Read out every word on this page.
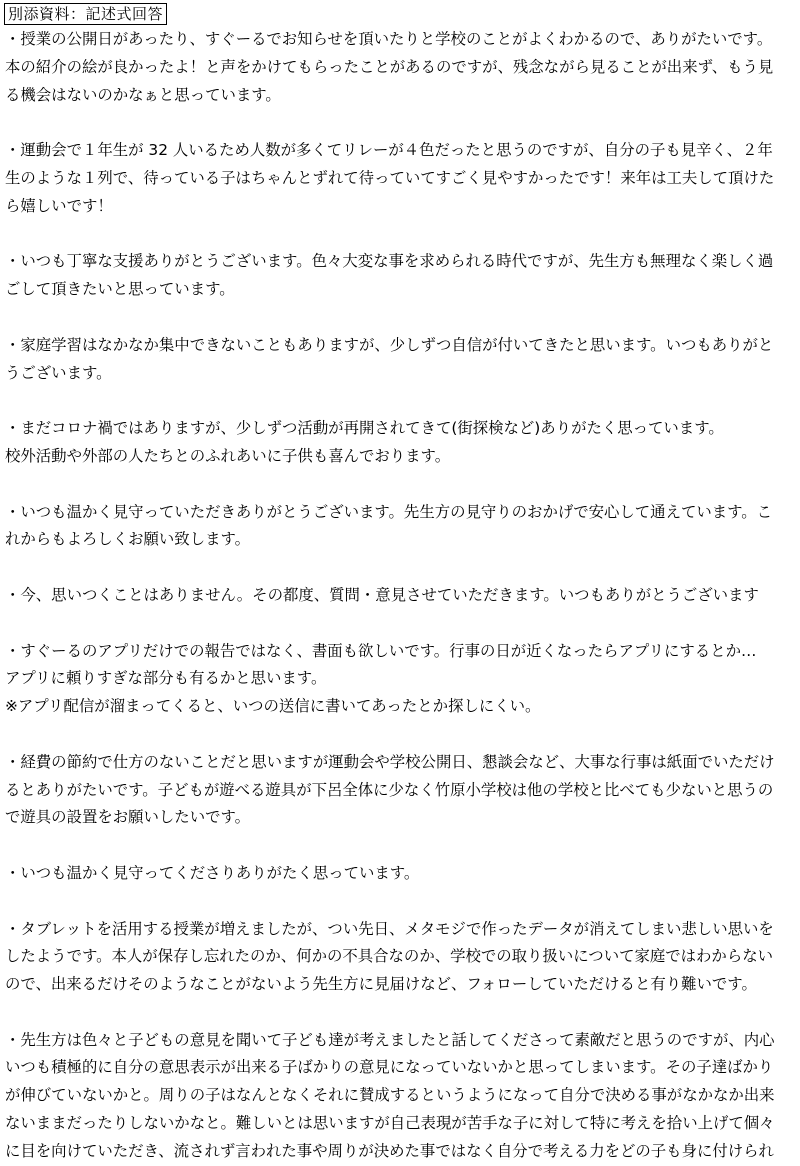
別添資料：記述式回答
・授業の公開日があったり、すぐーるでお知らせを頂いたりと学校のことがよくわかるので、ありがたいです。
本の紹介の絵が良かったよ！と声をかけてもらったことがあるのですが、残念ながら見ることが出来ず、もう見
る機会はないのかなぁと思っています。
・運動会で１年生が 32 人いるため人数が多くてリレーが４色だったと思うのですが、自分の子も見辛く、２年
生のような１列で、待っている子はちゃんとずれて待っていてすごく見やすかったです！来年は工夫して頂けた
ら嬉しいです！
・いつも丁寧な支援ありがとうございます。色々大変な事を求められる時代ですが、先生方も無理なく楽しく過
ごして頂きたいと思っています。
・家庭学習はなかなか集中できないこともありますが、少しずつ自信が付いてきたと思います。いつもありがと
うございます。
・まだコロナ禍ではありますが、少しずつ活動が再開されてきて(街探検など)ありがたく思っています。
校外活動や外部の人たちとのふれあいに子供も喜んでおります。
・いつも温かく見守っていただきありがとうございます。先生方の見守りのおかげで安心して通えています。こ
れからもよろしくお願い致します。
・今、思いつくことはありません。その都度、質問・意見させていただきます。いつもありがとうございます
・すぐーるのアプリだけでの報告ではなく、書面も欲しいです。行事の日が近くなったらアプリにするとか…
アプリに頼りすぎな部分も有るかと思います。
※アプリ配信が溜まってくると、いつの送信に書いてあったとか探しにくい。
・経費の節約で仕方のないことだと思いますが運動会や学校公開日、懇談会など、大事な行事は紙面でいただけ
るとありがたいです。子どもが遊べる遊具が下呂全体に少なく竹原小学校は他の学校と比べても少ないと思うの
で遊具の設置をお願いしたいです。
・いつも温かく見守ってくださりありがたく思っています。
・タブレットを活用する授業が増えましたが、つい先日、メタモジで作ったデータが消えてしまい悲しい思いを
したようです。本人が保存し忘れたのか、何かの不具合なのか、学校での取り扱いについて家庭ではわからない
ので、出来るだけそのようなことがないよう先生方に見届けなど、フォローしていただけると有り難いです。
・先生方は色々と子どもの意見を聞いて子ども達が考えましたと話してくださって素敵だと思うのですが、内心
いつも積極的に自分の意思表示が出来る子ばかりの意見になっていないかと思ってしまいます。その子達ばかり
が伸びていないかと。周りの子はなんとなくそれに賛成するというようになって自分で決める事がなかなか出来
ないままだったりしないかなと。難しいとは思いますが自己表現が苦手な子に対して特に考えを拾い上げて個々
に目を向けていただき、流されず言われた事や周りが決めた事ではなく自分で考える力をどの子も身に付けられ
